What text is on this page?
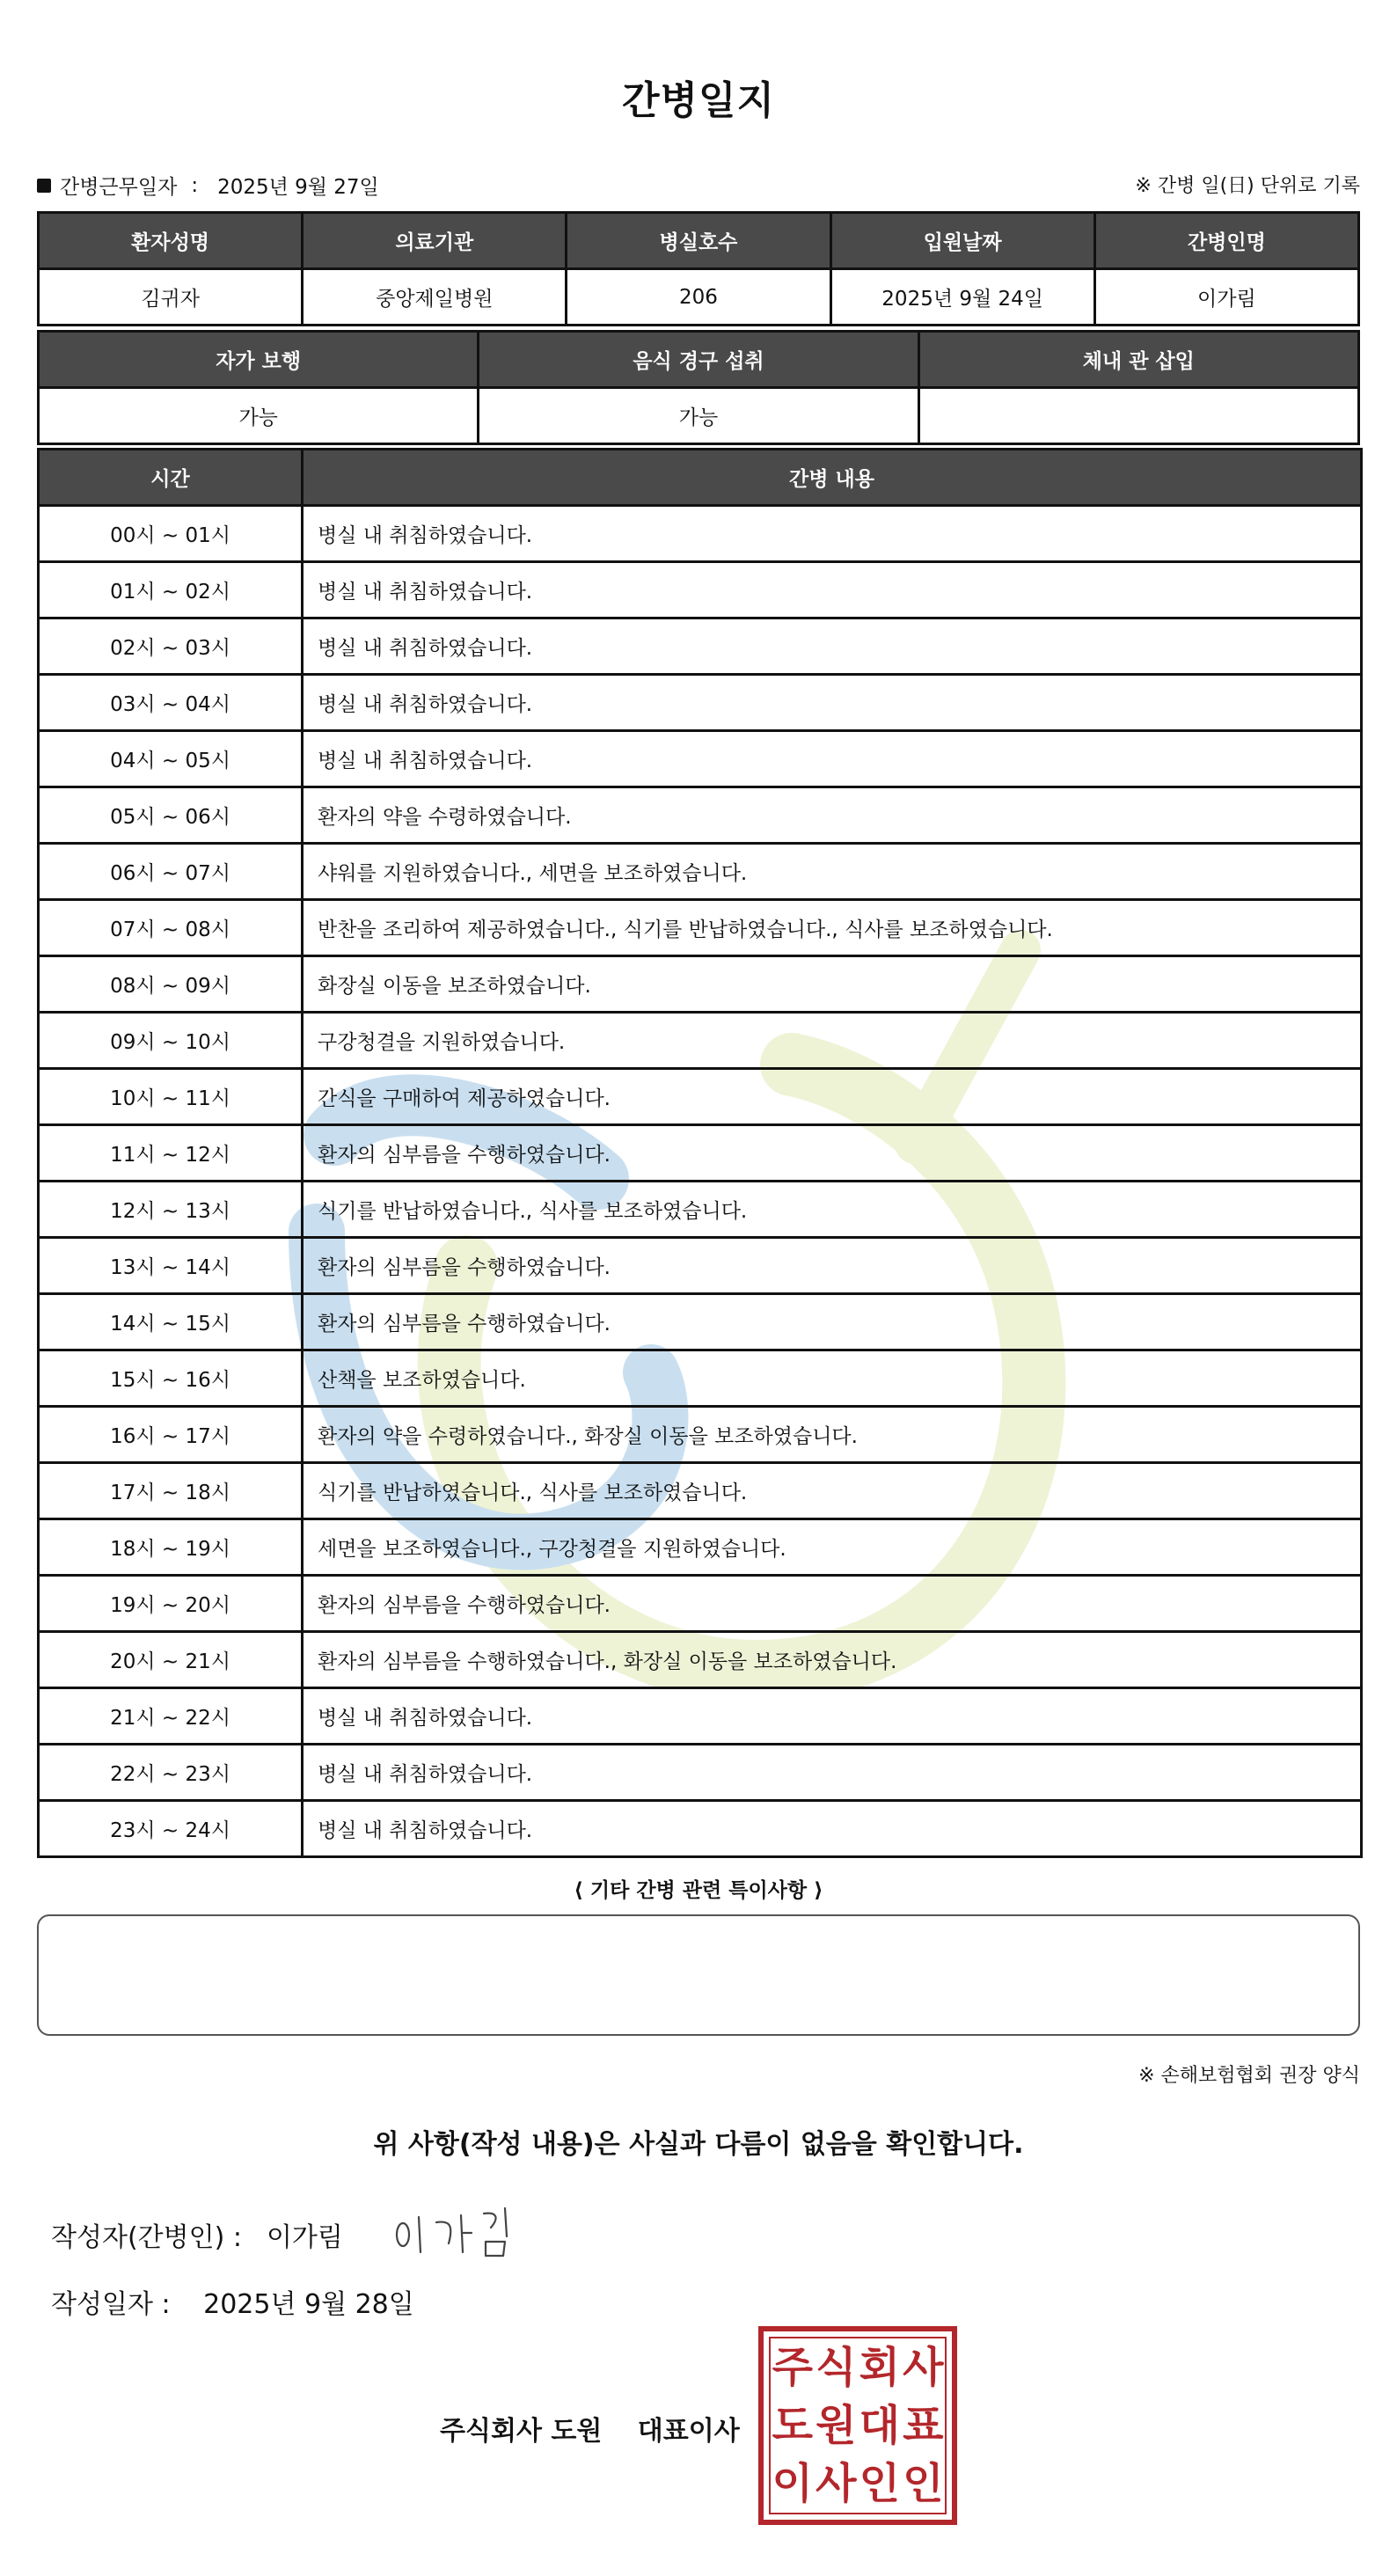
간병일지
간병근무일자 : 2025년 9월 27일	※ 간병 일(日) 단위로 기록
환자성명	의료기관	병실호수	입원날짜	간병인명
김귀자	중앙제일병원	206	2025년 9월 24일	이가림
자가 보행	음식 경구 섭취	체내 관 삽입
가능	가능	
시간	간병 내용
00시 ~ 01시	병실 내 취침하였습니다.
01시 ~ 02시	병실 내 취침하였습니다.
02시 ~ 03시	병실 내 취침하였습니다.
03시 ~ 04시	병실 내 취침하였습니다.
04시 ~ 05시	병실 내 취침하였습니다.
05시 ~ 06시	환자의 약을 수령하였습니다.
06시 ~ 07시	샤워를 지원하였습니다., 세면을 보조하였습니다.
07시 ~ 08시	반찬을 조리하여 제공하였습니다., 식기를 반납하였습니다., 식사를 보조하였습니다.
08시 ~ 09시	화장실 이동을 보조하였습니다.
09시 ~ 10시	구강청결을 지원하였습니다.
10시 ~ 11시	간식을 구매하여 제공하였습니다.
11시 ~ 12시	환자의 심부름을 수행하였습니다.
12시 ~ 13시	식기를 반납하였습니다., 식사를 보조하였습니다.
13시 ~ 14시	환자의 심부름을 수행하였습니다.
14시 ~ 15시	환자의 심부름을 수행하였습니다.
15시 ~ 16시	산책을 보조하였습니다.
16시 ~ 17시	환자의 약을 수령하였습니다., 화장실 이동을 보조하였습니다.
17시 ~ 18시	식기를 반납하였습니다., 식사를 보조하였습니다.
18시 ~ 19시	세면을 보조하였습니다., 구강청결을 지원하였습니다.
19시 ~ 20시	환자의 심부름을 수행하였습니다.
20시 ~ 21시	환자의 심부름을 수행하였습니다., 화장실 이동을 보조하였습니다.
21시 ~ 22시	병실 내 취침하였습니다.
22시 ~ 23시	병실 내 취침하였습니다.
23시 ~ 24시	병실 내 취침하였습니다.
⟨ 기타 간병 관련 특이사항 ⟩
※ 손해보험협회 권장 양식
위 사항(작성 내용)은 사실과 다름이 없음을 확인합니다.
작성자(간병인) : 이가림
작성일자 : 2025년 9월 28일
주식회사 도원 대표이사
주 식 회 사
도 원 대 표
이 사 인 인
